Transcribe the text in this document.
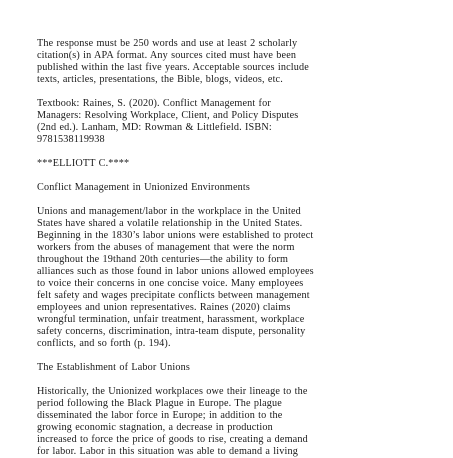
The response must be 250 words and use at least 2 scholarly
citation(s) in APA format. Any sources cited must have been
published within the last five years. Acceptable sources include
texts, articles, presentations, the Bible, blogs, videos, etc.
Textbook: Raines, S. (2020). Conflict Management for
Managers: Resolving Workplace, Client, and Policy Disputes
(2nd ed.). Lanham, MD: Rowman & Littlefield. ISBN:
9781538119938
***ELLIOTT C.****
Conflict Management in Unionized Environments
Unions and management/labor in the workplace in the United
States have shared a volatile relationship in the United States.
Beginning in the 1830’s labor unions were established to protect
workers from the abuses of management that were the norm
throughout the 19thand 20th centuries—the ability to form
alliances such as those found in labor unions allowed employees
to voice their concerns in one concise voice. Many employees
felt safety and wages precipitate conflicts between management
employees and union representatives. Raines (2020) claims
wrongful termination, unfair treatment, harassment, workplace
safety concerns, discrimination, intra-team dispute, personality
conflicts, and so forth (p. 194).
The Establishment of Labor Unions
Historically, the Unionized workplaces owe their lineage to the
period following the Black Plague in Europe. The plague
disseminated the labor force in Europe; in addition to the
growing economic stagnation, a decrease in production
increased to force the price of goods to rise, creating a demand
for labor. Labor in this situation was able to demand a living
